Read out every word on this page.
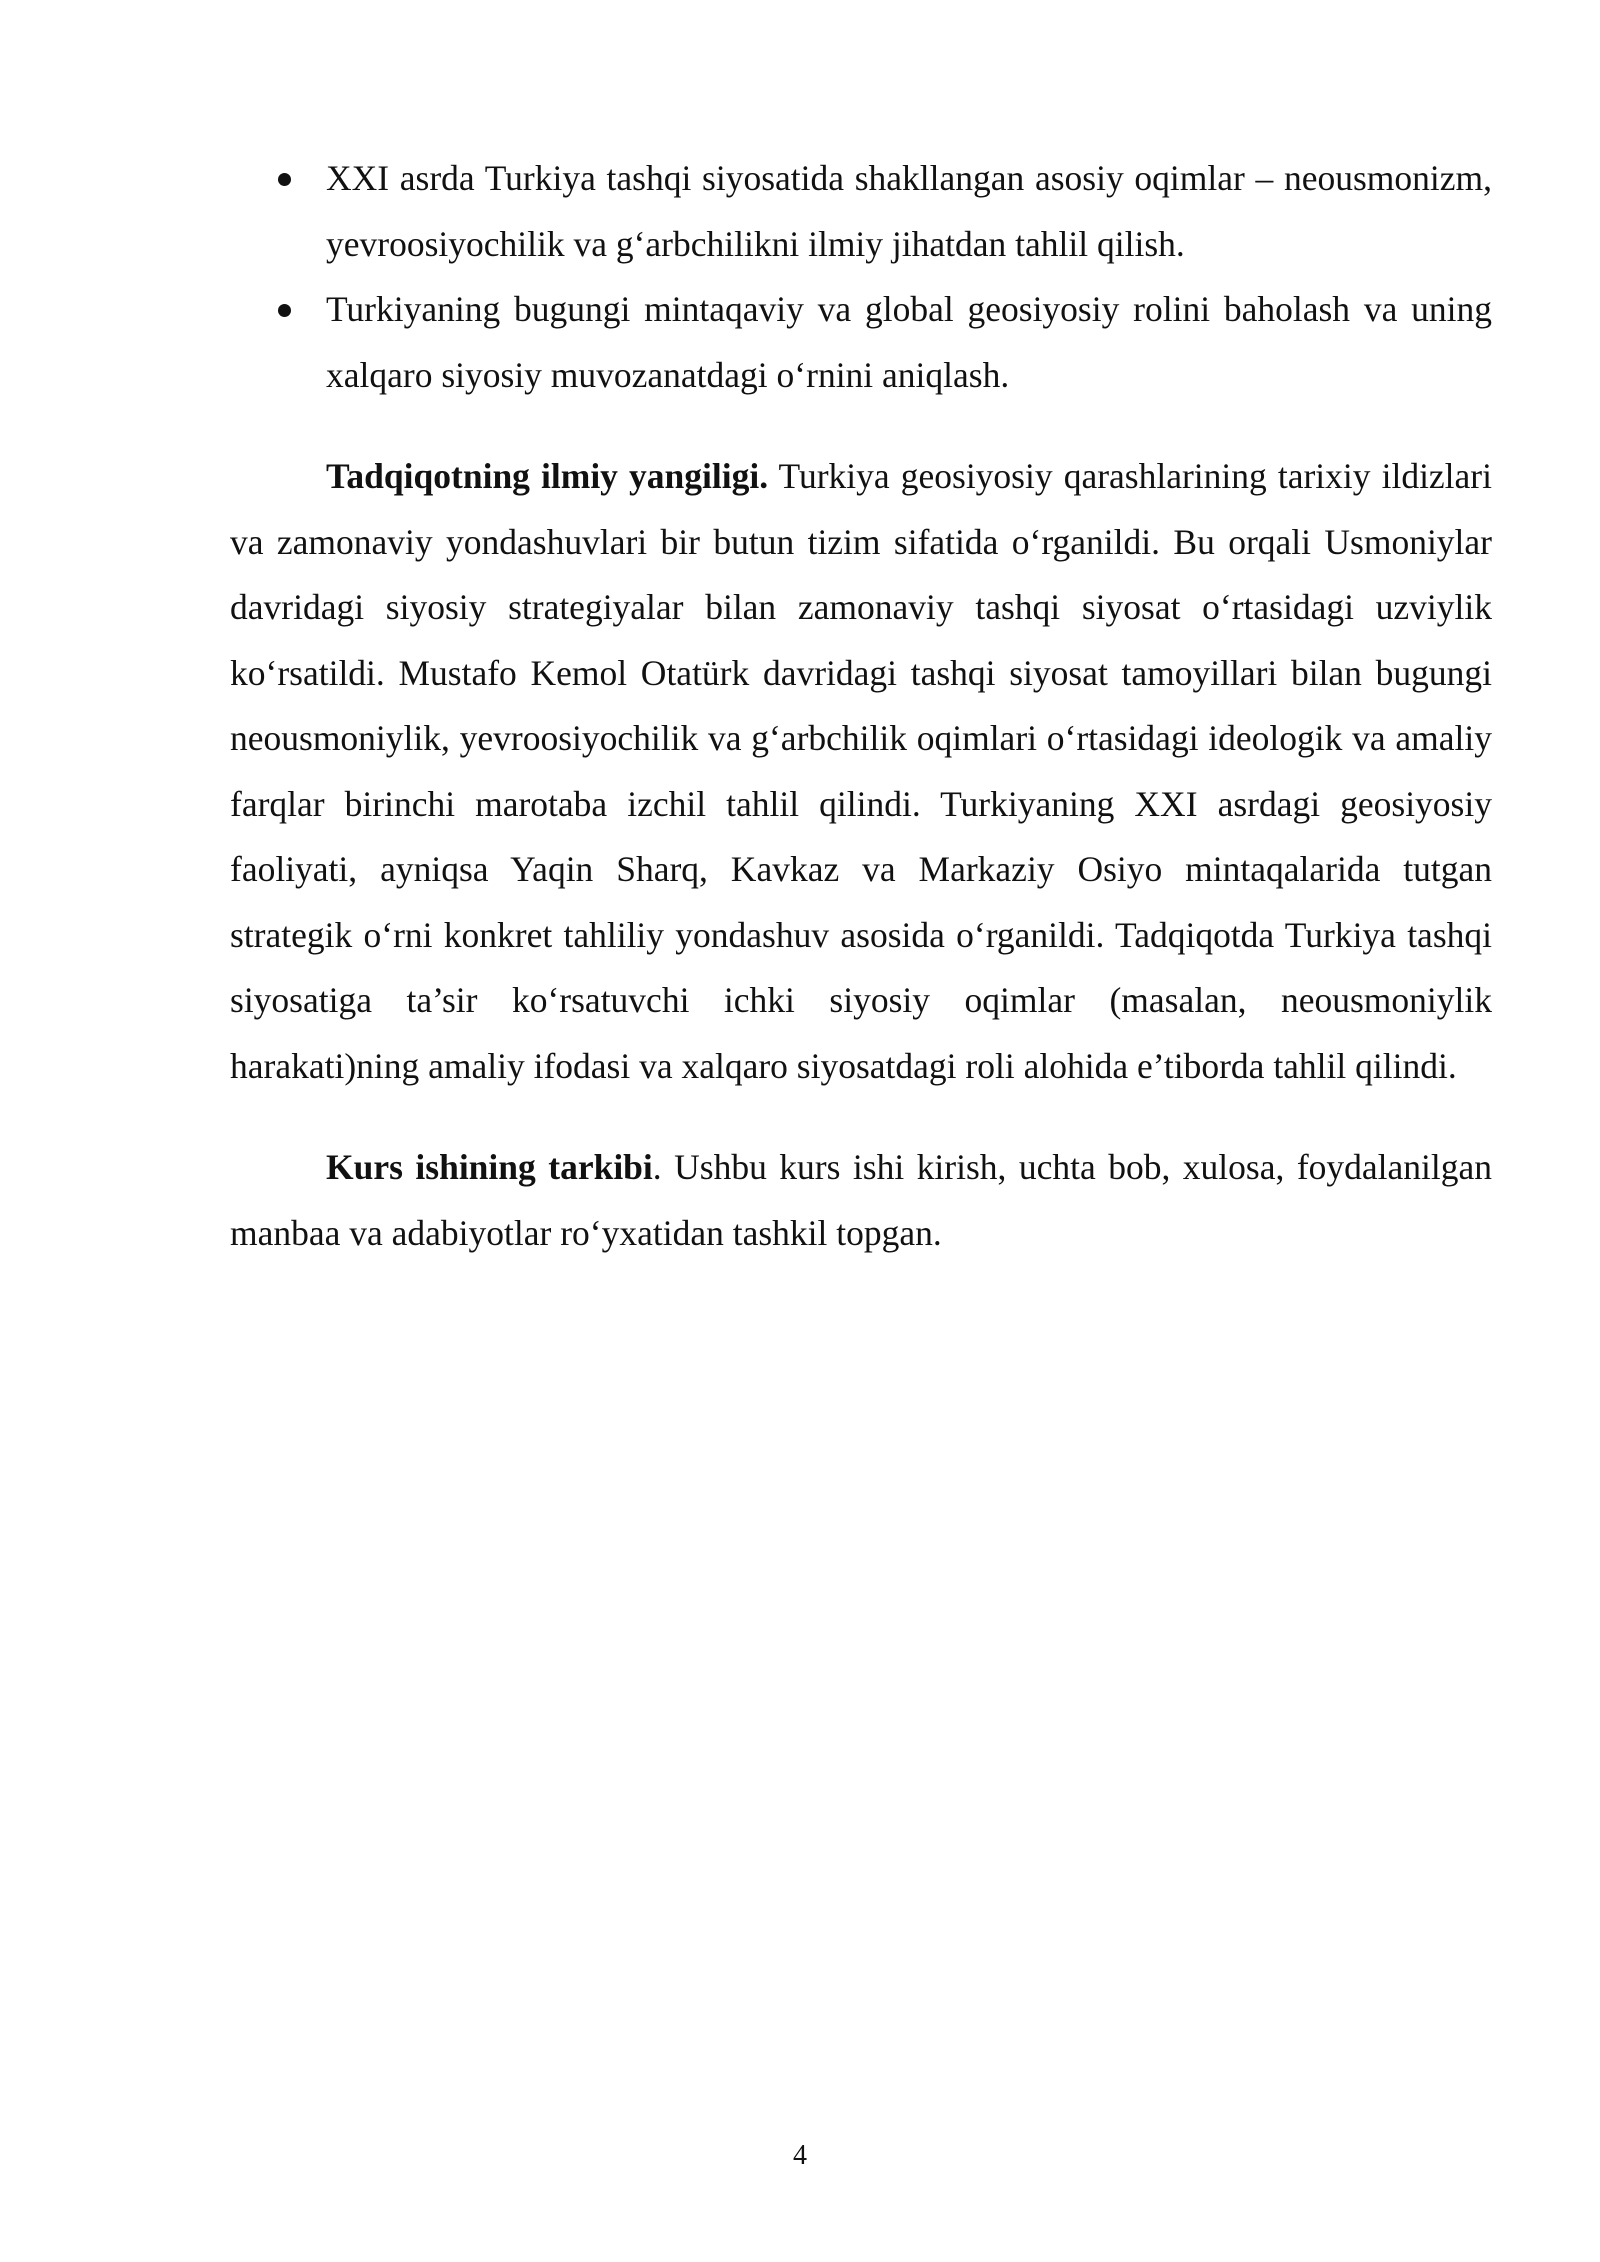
XXI asrda Turkiya tashqi siyosatida shakllangan asosiy oqimlar – neousmonizm, yevroosiyochilik va g‘arbchilikni ilmiy jihatdan tahlil qilish.
Turkiyaning bugungi mintaqaviy va global geosiyosiy rolini baholash va uning xalqaro siyosiy muvozanatdagi o‘rnini aniqlash.

Tadqiqotning ilmiy yangiligi. Turkiya geosiyosiy qarashlarining tarixiy ildizlari va zamonaviy yondashuvlari bir butun tizim sifatida o‘rganildi. Bu orqali Usmoniylar davridagi siyosiy strategiyalar bilan zamonaviy tashqi siyosat o‘rtasidagi uzviylik ko‘rsatildi. Mustafo Kemol Otatürk davridagi tashqi siyosat tamoyillari bilan bugungi neousmoniylik, yevroosiyochilik va g‘arbchilik oqimlari o‘rtasidagi ideologik va amaliy farqlar birinchi marotaba izchil tahlil qilindi. Turkiyaning XXI asrdagi geosiyosiy faoliyati, ayniqsa Yaqin Sharq, Kavkaz va Markaziy Osiyo mintaqalarida tutgan strategik o‘rni konkret tahliliy yondashuv asosida o‘rganildi. Tadqiqotda Turkiya tashqi siyosatiga ta’sir ko‘rsatuvchi ichki siyosiy oqimlar (masalan, neousmoniylik harakati)ning amaliy ifodasi va xalqaro siyosatdagi roli alohida e’tiborda tahlil qilindi.

Kurs ishining tarkibi. Ushbu kurs ishi kirish, uchta bob, xulosa, foydalanilgan manbaa va adabiyotlar ro‘yxatidan tashkil topgan.

4
